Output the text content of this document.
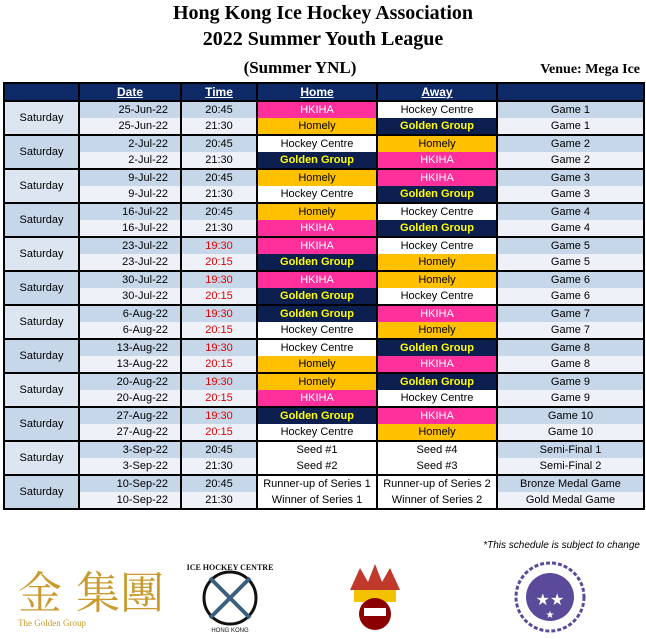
Hong Kong Ice Hockey Association
2022 Summer Youth League
(Summer YNL)	Venue: Mega Ice
	Date	Time	Home	Away	
Saturday	25-Jun-22	20:45	HKIHA	Hockey Centre	Game 1
	25-Jun-22	21:30	Homely	Golden Group	Game 1
Saturday	2-Jul-22	20:45	Hockey Centre	Homely	Game 2
	2-Jul-22	21:30	Golden Group	HKIHA	Game 2
Saturday	9-Jul-22	20:45	Homely	HKIHA	Game 3
	9-Jul-22	21:30	Hockey Centre	Golden Group	Game 3
Saturday	16-Jul-22	20:45	Homely	Hockey Centre	Game 4
	16-Jul-22	21:30	HKIHA	Golden Group	Game 4
Saturday	23-Jul-22	19:30	HKIHA	Hockey Centre	Game 5
	23-Jul-22	20:15	Golden Group	Homely	Game 5
Saturday	30-Jul-22	19:30	HKIHA	Homely	Game 6
	30-Jul-22	20:15	Golden Group	Hockey Centre	Game 6
Saturday	6-Aug-22	19:30	Golden Group	HKIHA	Game 7
	6-Aug-22	20:15	Hockey Centre	Homely	Game 7
Saturday	13-Aug-22	19:30	Hockey Centre	Golden Group	Game 8
	13-Aug-22	20:15	Homely	HKIHA	Game 8
Saturday	20-Aug-22	19:30	Homely	Golden Group	Game 9
	20-Aug-22	20:15	HKIHA	Hockey Centre	Game 9
Saturday	27-Aug-22	19:30	Golden Group	HKIHA	Game 10
	27-Aug-22	20:15	Hockey Centre	Homely	Game 10
Saturday	3-Sep-22	20:45	Seed #1	Seed #4	Semi-Final 1
	3-Sep-22	21:30	Seed #2	Seed #3	Semi-Final 2
Saturday	10-Sep-22	20:45	Runner-up of Series 1	Runner-up of Series 2	Bronze Medal Game
	10-Sep-22	21:30	Winner of Series 1	Winner of Series 2	Gold Medal Game
*This schedule is subject to change
金 集團
The Golden Group
ICE HOCKEY CENTRE
HONG KONG
H.K.I.H.A.
★★
★
